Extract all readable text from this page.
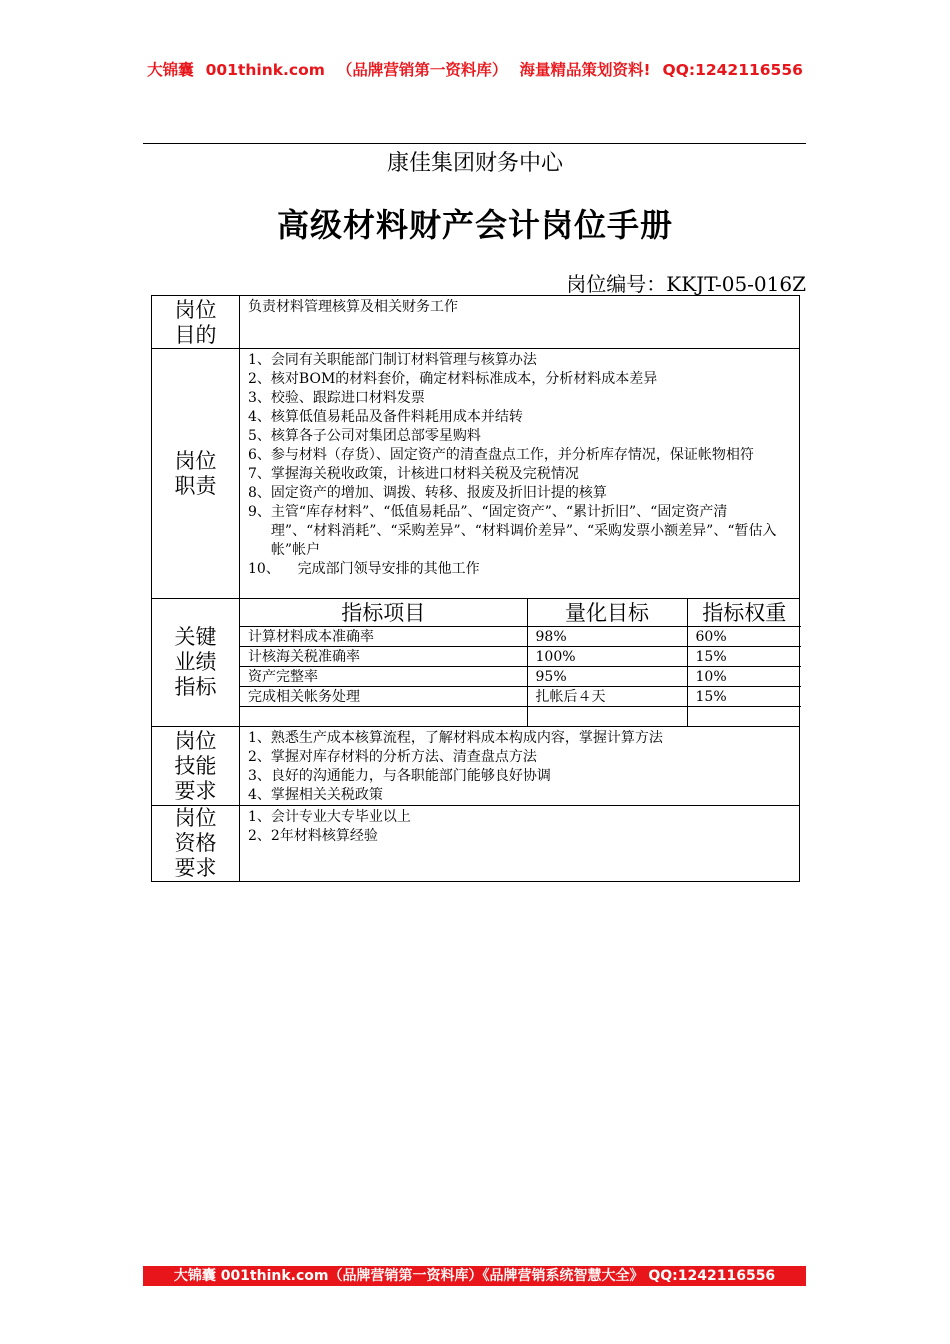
大锦囊 001think.com （品牌营销第一资料库） 海量精品策划资料! QQ:1242116556
康佳集团财务中心
高级材料财产会计岗位手册
岗位编号：KKJT-05-016Z
岗位目的	
负责材料管理核算及相关财务工作

岗位职责	
1、 会同有关职能部门制订材料管理与核算办法
2、 核对BOM的材料套价，确定材料标准成本，分析材料成本差异
3、 校验、跟踪进口材料发票
4、 核算低值易耗品及备件料耗用成本并结转
5、 核算各子公司对集团总部零星购料
6、 参与材料（存货）、固定资产的清查盘点工作，并分析库存情况，保证帐物相符
7、 掌握海关税收政策，计核进口材料关税及完税情况
8、 固定资产的增加、调拨、转移、报废及折旧计提的核算
9、 主管“库存材料”、“低值易耗品”、“固定资产”、“累计折旧”、“固定资产清理”、“材料消耗”、“采购差异”、“材料调价差异”、“采购发票小额差异”、“暂估入帐”帐户
10、 完成部门领导安排的其他工作

关键业绩指标	
指标项目	量化目标	指标权重
计算材料成本准确率	98%	60%
计核海关税准确率	100%	15%
资产完整率	95%	10%
完成相关帐务处理	扎帐后４天	15%

岗位技能要求	
1、 熟悉生产成本核算流程，了解材料成本构成内容，掌握计算方法
2、 掌握对库存材料的分析方法、清查盘点方法
3、 良好的沟通能力，与各职能部门能够良好协调
4、 掌握相关关税政策

岗位资格要求	
1、 会计专业大专毕业以上
2、 2年材料核算经验
大锦囊 001think.com（品牌营销第一资料库）《品牌营销系统智慧大全》 QQ:1242116556
